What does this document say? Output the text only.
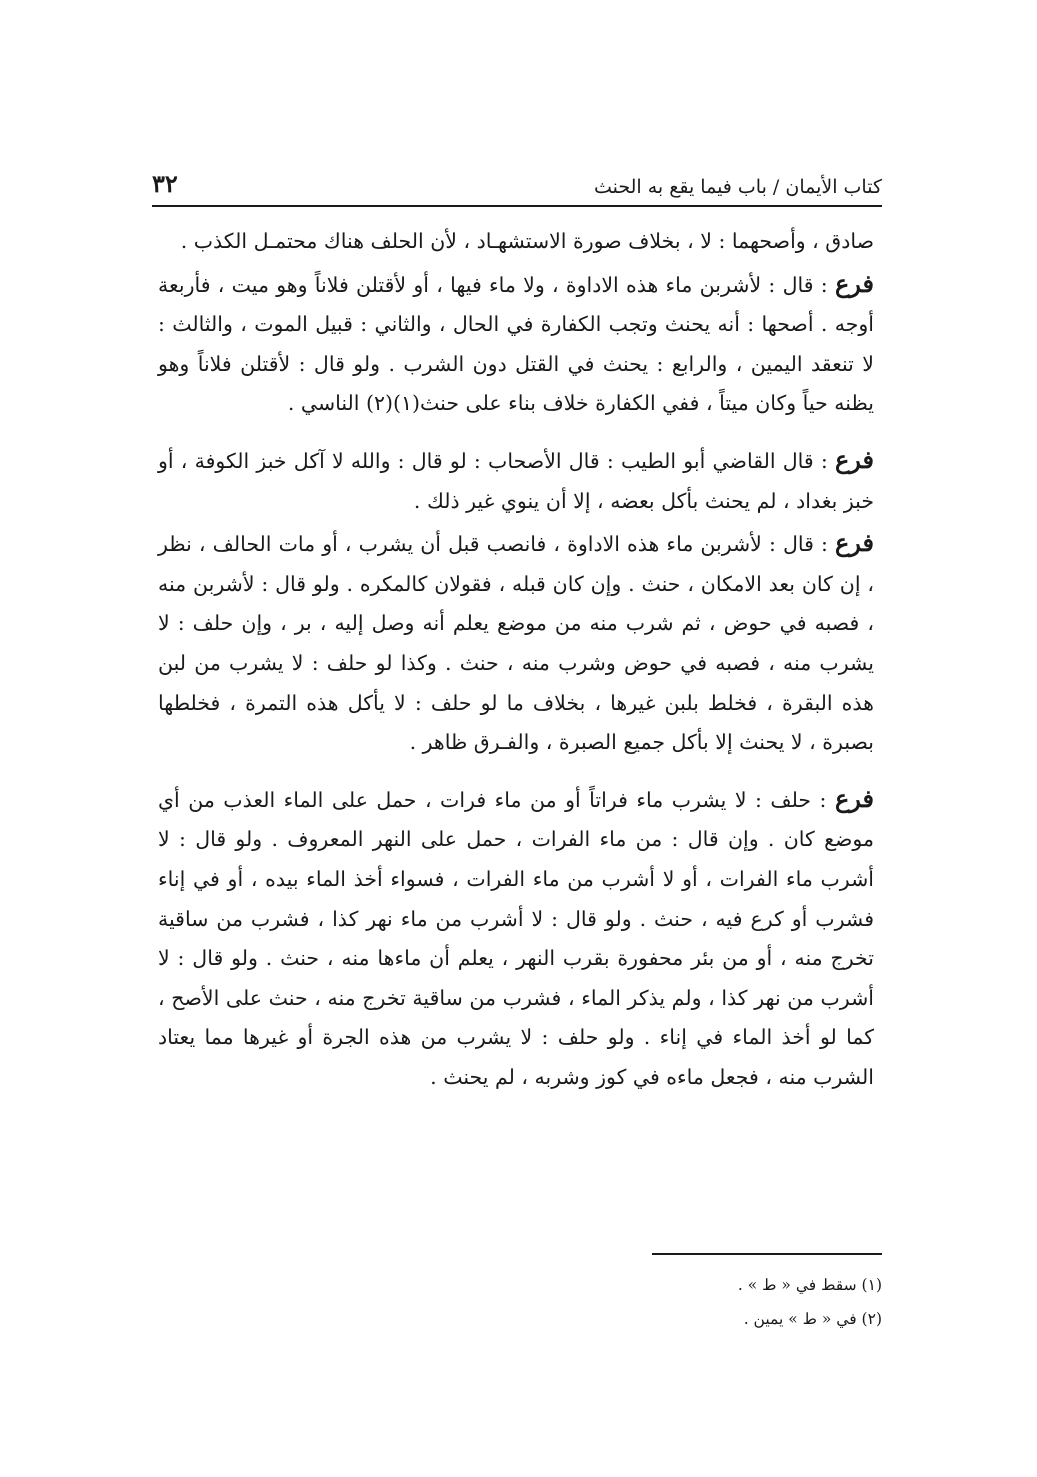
كتاب الأيمان / باب فيما يقع به الحنث
٣٢

صادق ، وأصحهما : لا ، بخلاف صورة الاستشهـاد ، لأن الحلف هناك محتمـل الكذب .

فرع : قال : لأشربن ماء هذه الاداوة ، ولا ماء فيها ، أو لأقتلن فلاناً وهو ميت ، فأربعة أوجه . أصحها : أنه يحنث وتجب الكفارة في الحال ، والثاني : قبيل الموت ، والثالث : لا تنعقد اليمين ، والرابع : يحنث في القتل دون الشرب . ولو قال : لأقتلن فلاناً وهو يظنه حياً وكان ميتاً ، ففي الكفارة خلاف بناء على حنث(١)(٢) الناسي .

فرع : قال القاضي أبو الطيب : قال الأصحاب : لو قال : والله لا آكل خبز الكوفة ، أو خبز بغداد ، لم يحنث بأكل بعضه ، إلا أن ينوي غير ذلك .

فرع : قال : لأشربن ماء هذه الاداوة ، فانصب قبل أن يشرب ، أو مات الحالف ، نظر ، إن كان بعد الامكان ، حنث . وإن كان قبله ، فقولان كالمكره . ولو قال : لأشربن منه ، فصبه في حوض ، ثم شرب منه من موضع يعلم أنه وصل إليه ، بر ، وإن حلف : لا يشرب منه ، فصبه في حوض وشرب منه ، حنث . وكذا لو حلف : لا يشرب من لبن هذه البقرة ، فخلط بلبن غيرها ، بخلاف ما لو حلف : لا يأكل هذه التمرة ، فخلطها بصبرة ، لا يحنث إلا بأكل جميع الصبرة ، والفـرق ظاهر .

فرع : حلف : لا يشرب ماء فراتاً أو من ماء فرات ، حمل على الماء العذب من أي موضع كان . وإن قال : من ماء الفرات ، حمل على النهر المعروف . ولو قال : لا أشرب ماء الفرات ، أو لا أشرب من ماء الفرات ، فسواء أخذ الماء بيده ، أو في إناء فشرب أو كرع فيه ، حنث . ولو قال : لا أشرب من ماء نهر كذا ، فشرب من ساقية تخرج منه ، أو من بئر محفورة بقرب النهر ، يعلم أن ماءها منه ، حنث . ولو قال : لا أشرب من نهر كذا ، ولم يذكر الماء ، فشرب من ساقية تخرج منه ، حنث على الأصح ، كما لو أخذ الماء في إناء . ولو حلف : لا يشرب من هذه الجرة أو غيرها مما يعتاد الشرب منه ، فجعل ماءه في كوز وشربه ، لم يحنث .

(١) سقط في « ط » .
(٢) في « ط » يمين .
